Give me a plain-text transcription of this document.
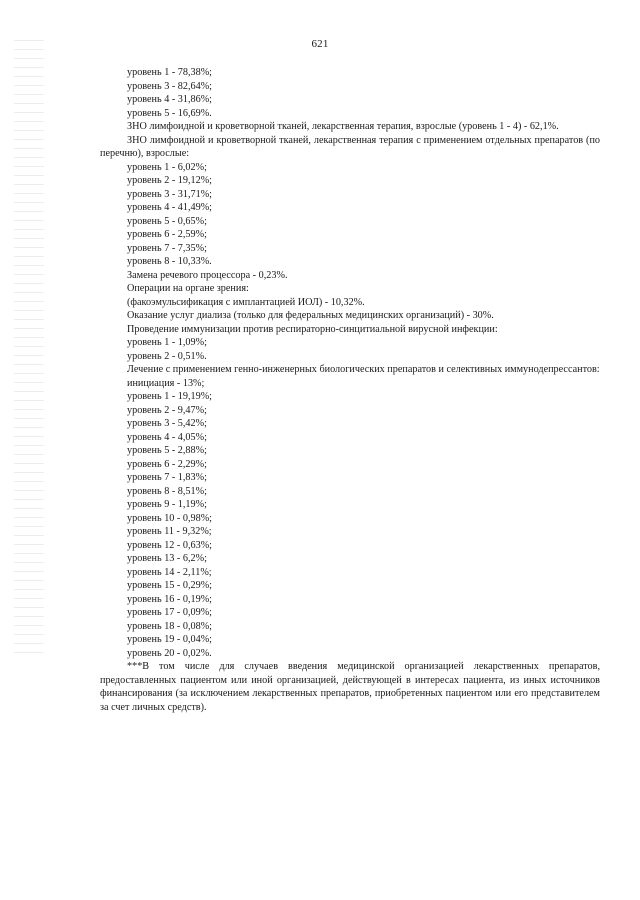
621
уровень 1 - 78,38%;
уровень 3 - 82,64%;
уровень 4 - 31,86%;
уровень 5 - 16,69%.
ЗНО лимфоидной и кроветворной тканей, лекарственная терапия, взрослые (уровень 1 - 4) - 62,1%.
ЗНО лимфоидной и кроветворной тканей, лекарственная терапия с применением отдельных препаратов (по перечню), взрослые:
уровень 1 - 6,02%;
уровень 2 - 19,12%;
уровень 3 - 31,71%;
уровень 4 - 41,49%;
уровень 5 - 0,65%;
уровень 6 - 2,59%;
уровень 7 - 7,35%;
уровень 8 - 10,33%.
Замена речевого процессора - 0,23%.
Операции на органе зрения:
(факоэмульсификация с имплантацией ИОЛ) - 10,32%.
Оказание услуг диализа (только для федеральных медицинских организаций) - 30%.
Проведение иммунизации против респираторно-синцитиальной вирусной инфекции:
уровень 1 - 1,09%;
уровень 2 - 0,51%.
Лечение с применением генно-инженерных биологических препаратов и селективных иммунодепрессантов:
инициация - 13%;
уровень 1 - 19,19%;
уровень 2 - 9,47%;
уровень 3 - 5,42%;
уровень 4 - 4,05%;
уровень 5 - 2,88%;
уровень 6 - 2,29%;
уровень 7 - 1,83%;
уровень 8 - 8,51%;
уровень 9 - 1,19%;
уровень 10 - 0,98%;
уровень 11 - 9,32%;
уровень 12 - 0,63%;
уровень 13 - 6,2%;
уровень 14 - 2,11%;
уровень 15 - 0,29%;
уровень 16 - 0,19%;
уровень 17 - 0,09%;
уровень 18 - 0,08%;
уровень 19 - 0,04%;
уровень 20 - 0,02%.
***В том числе для случаев введения медицинской организацией лекарственных препаратов, предоставленных пациентом или иной организацией, действующей в интересах пациента, из иных источников финансирования (за исключением лекарственных препаратов, приобретенных пациентом или его представителем за счет личных средств).
